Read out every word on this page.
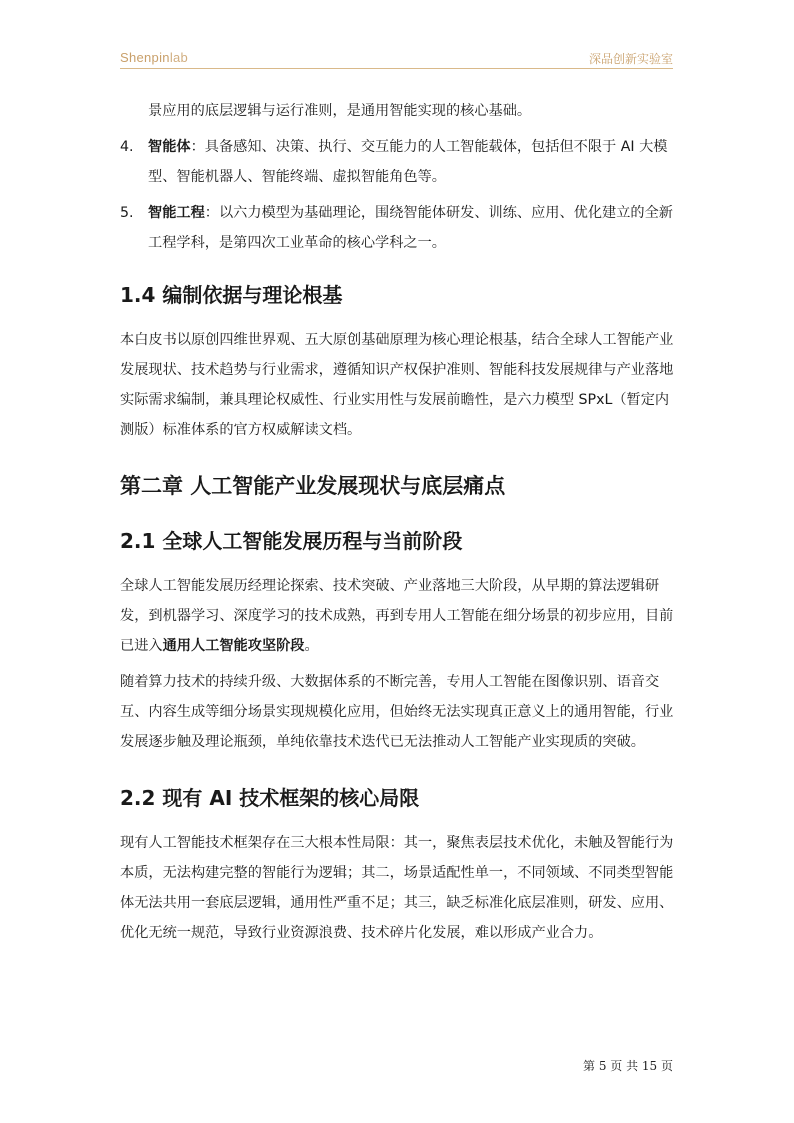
Shenpinlab	深品创新实验室

景应用的底层逻辑与运行准则，是通用智能实现的核心基础。

4. 智能体：具备感知、决策、执行、交互能力的人工智能载体，包括但不限于 AI 大模型、智能机器人、智能终端、虚拟智能角色等。
5. 智能工程：以六力模型为基础理论，围绕智能体研发、训练、应用、优化建立的全新工程学科，是第四次工业革命的核心学科之一。
1.4 编制依据与理论根基

本白皮书以原创四维世界观、五大原创基础原理为核心理论根基，结合全球人工智能产业发展现状、技术趋势与行业需求，遵循知识产权保护准则、智能科技发展规律与产业落地实际需求编制，兼具理论权威性、行业实用性与发展前瞻性，是六力模型 SPxL（暂定内测版）标准体系的官方权威解读文档。

第二章 人工智能产业发展现状与底层痛点
2.1 全球人工智能发展历程与当前阶段

全球人工智能发展历经理论探索、技术突破、产业落地三大阶段，从早期的算法逻辑研发，到机器学习、深度学习的技术成熟，再到专用人工智能在细分场景的初步应用，目前已进入通用人工智能攻坚阶段。

随着算力技术的持续升级、大数据体系的不断完善，专用人工智能在图像识别、语音交互、内容生成等细分场景实现规模化应用，但始终无法实现真正意义上的通用智能，行业发展逐步触及理论瓶颈，单纯依靠技术迭代已无法推动人工智能产业实现质的突破。

2.2 现有 AI 技术框架的核心局限

现有人工智能技术框架存在三大根本性局限：其一，聚焦表层技术优化，未触及智能行为本质，无法构建完整的智能行为逻辑；其二，场景适配性单一，不同领域、不同类型智能体无法共用一套底层逻辑，通用性严重不足；其三，缺乏标准化底层准则，研发、应用、优化无统一规范，导致行业资源浪费、技术碎片化发展，难以形成产业合力。

第 5 页 共 15 页
